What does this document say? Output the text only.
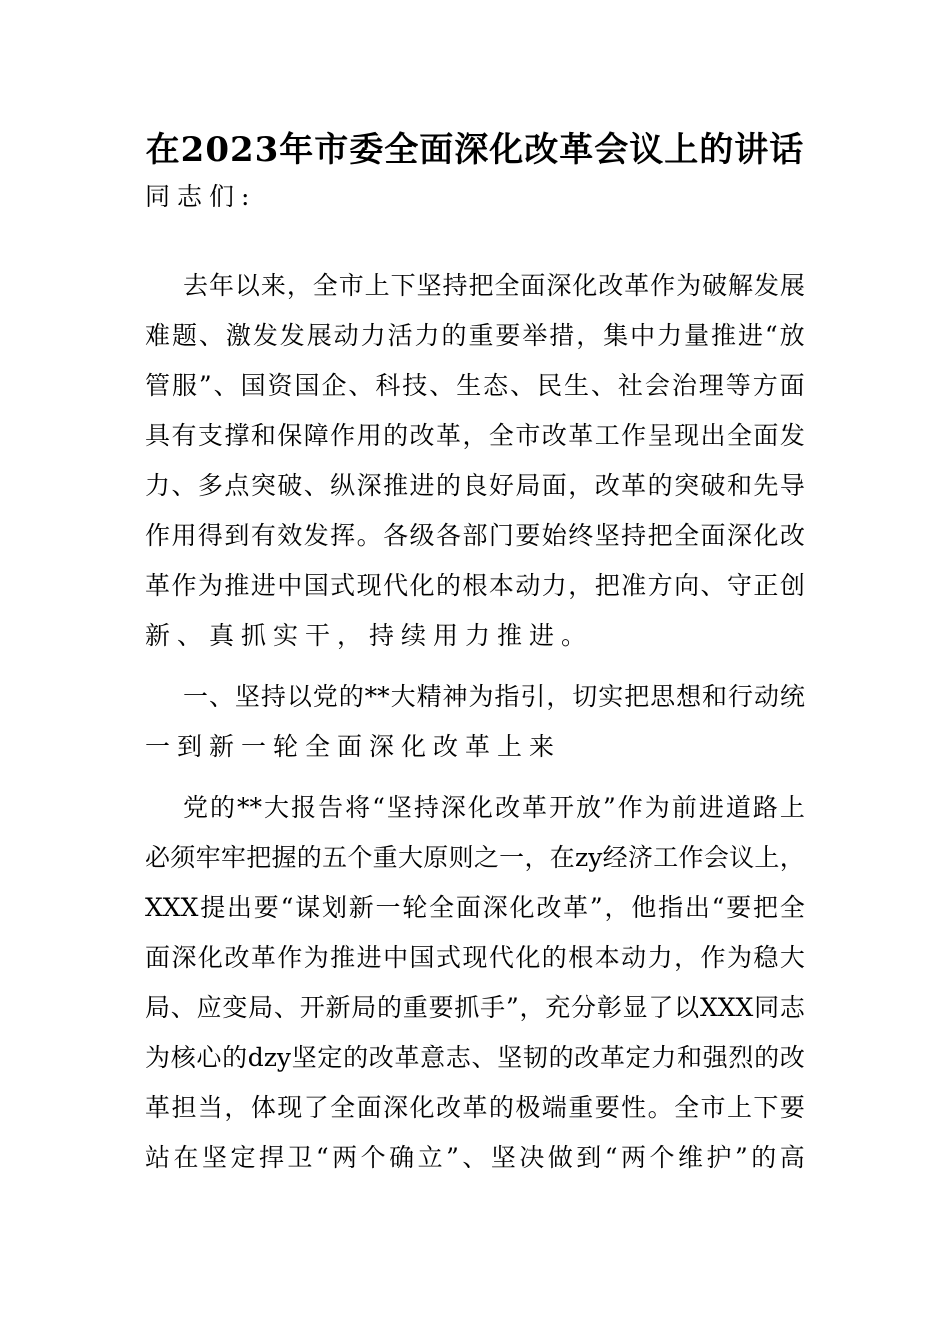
在2023年市委全面深化改革会议上的讲话
同志们:
去 年 以 来 ， 全 市 上 下 坚 持 把 全 面 深 化 改 革 作 为 破 解 发 展
难 题 、 激 发 发 展 动 力 活 力 的 重 要 举 措 ， 集 中 力 量 推 进 “ 放
管 服 ” 、 国 资 国 企 、 科 技 、 生 态 、 民 生 、 社 会 治 理 等 方 面
具 有 支 撑 和 保 障 作 用 的 改 革 ， 全 市 改 革 工 作 呈 现 出 全 面 发
力 、 多 点 突 破 、 纵 深 推 进 的 良 好 局 面 ， 改 革 的 突 破 和 先 导
作 用 得 到 有 效 发 挥 。 各 级 各 部 门 要 始 终 坚 持 把 全 面 深 化 改
革 作 为 推 进 中 国 式 现 代 化 的 根 本 动 力 ， 把 准 方 向 、 守 正 创
新、真抓实干，持续用力推进。
一 、 坚 持 以 党 的 ** 大 精 神 为 指 引 ， 切 实 把 思 想 和 行 动 统
一到新一轮全面深化改革上来
党 的 ** 大 报 告 将 “ 坚 持 深 化 改 革 开 放 ” 作 为 前 进 道 路 上
必 须 牢 牢 把 握 的 五 个 重 大 原 则 之 一 ， 在 zy 经 济 工 作 会 议 上 ，
XXX 提 出 要 “ 谋 划 新 一 轮 全 面 深 化 改 革 ” ， 他 指 出 “ 要 把 全
面 深 化 改 革 作 为 推 进 中 国 式 现 代 化 的 根 本 动 力 ， 作 为 稳 大
局 、 应 变 局 、 开 新 局 的 重 要 抓 手 ” ， 充 分 彰 显 了 以 XXX 同 志
为 核 心 的 dzy 坚 定 的 改 革 意 志 、 坚 韧 的 改 革 定 力 和 强 烈 的 改
革 担 当 ， 体 现 了 全 面 深 化 改 革 的 极 端 重 要 性 。 全 市 上 下 要
站 在 坚 定 捍 卫 “ 两 个 确 立 ” 、 坚 决 做 到 “ 两 个 维 护 ” 的 高
